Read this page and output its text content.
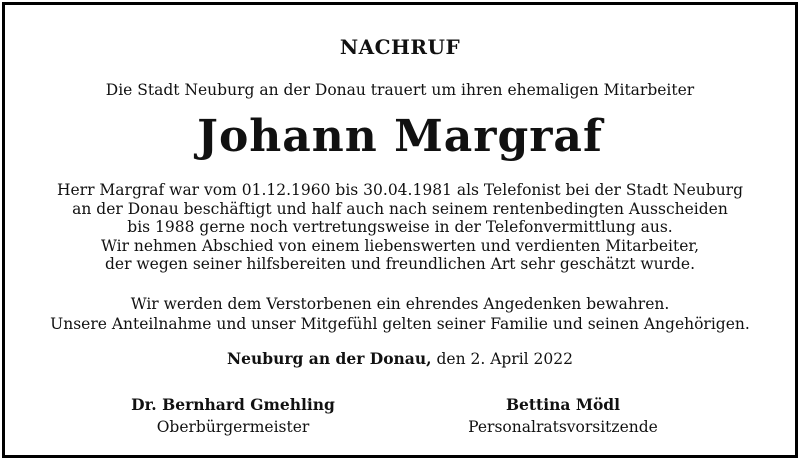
NACHRUF
Die Stadt Neuburg an der Donau trauert um ihren ehemaligen Mitarbeiter
Johann Margraf
Herr Margraf war vom 01.12.1960 bis 30.04.1981 als Telefonist bei der Stadt Neuburg
an der Donau beschäftigt und half auch nach seinem rentenbedingten Ausscheiden
bis 1988 gerne noch vertretungsweise in der Telefonvermittlung aus.
Wir nehmen Abschied von einem liebenswerten und verdienten Mitarbeiter,
der wegen seiner hilfsbereiten und freundlichen Art sehr geschätzt wurde.
Wir werden dem Verstorbenen ein ehrendes Angedenken bewahren.
Unsere Anteilnahme und unser Mitgefühl gelten seiner Familie und seinen Angehörigen.
Neuburg an der Donau, den 2. April 2022
Dr. Bernhard Gmehling
Oberbürgermeister
Bettina Mödl
Personalratsvorsitzende
